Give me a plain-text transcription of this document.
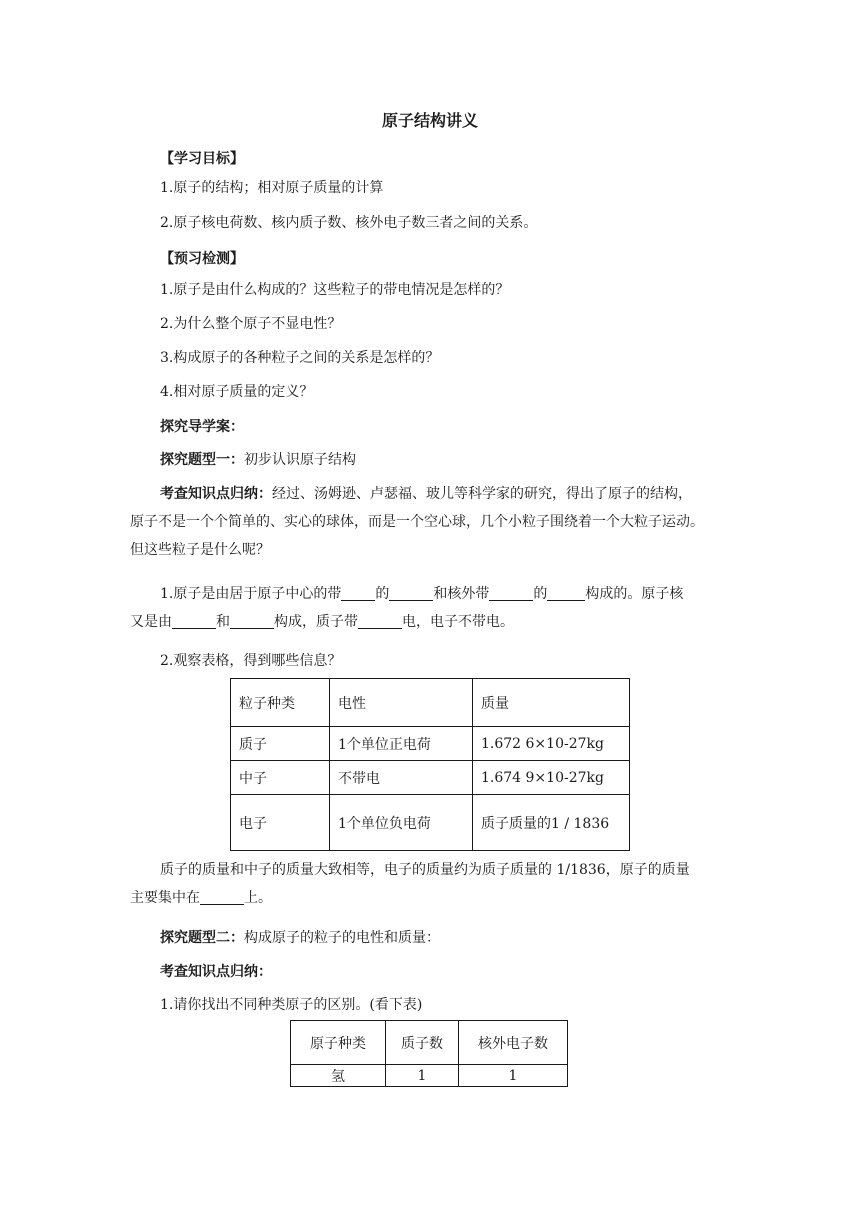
原子结构讲义
【学习目标】
1.原子的结构；相对原子质量的计算
2.原子核电荷数、核内质子数、核外电子数三者之间的关系。
【预习检测】
1.原子是由什么构成的？这些粒子的带电情况是怎样的？
2.为什么整个原子不显电性？
3.构成原子的各种粒子之间的关系是怎样的？
4.相对原子质量的定义？
探究导学案：
探究题型一：初步认识原子结构
考查知识点归纳：经过、汤姆逊、卢瑟福、玻儿等科学家的研究，得出了原子的结构，
原子不是一个个简单的、实心的球体，而是一个空心球，几个小粒子围绕着一个大粒子运动。
但这些粒子是什么呢？
1.原子是由居于原子中心的带 的	和核外带	的	构成的。原子核
又是由	和	构成，质子带	电，电子不带电。
2.观察表格，得到哪些信息？
粒子种类	电性	质量
质子	1个单位正电荷	1.672 6×10-27kg
中子	不带电	1.674 9×10-27kg
电子	1个单位负电荷	质子质量的1 / 1836
质子的质量和中子的质量大致相等，电子的质量约为质子质量的 1/1836，原子的质量
主要集中在	上。
探究题型二：构成原子的粒子的电性和质量：
考查知识点归纳：
1.请你找出不同种类原子的区别。(看下表)
原子种类	质子数	核外电子数
氢	1	1
